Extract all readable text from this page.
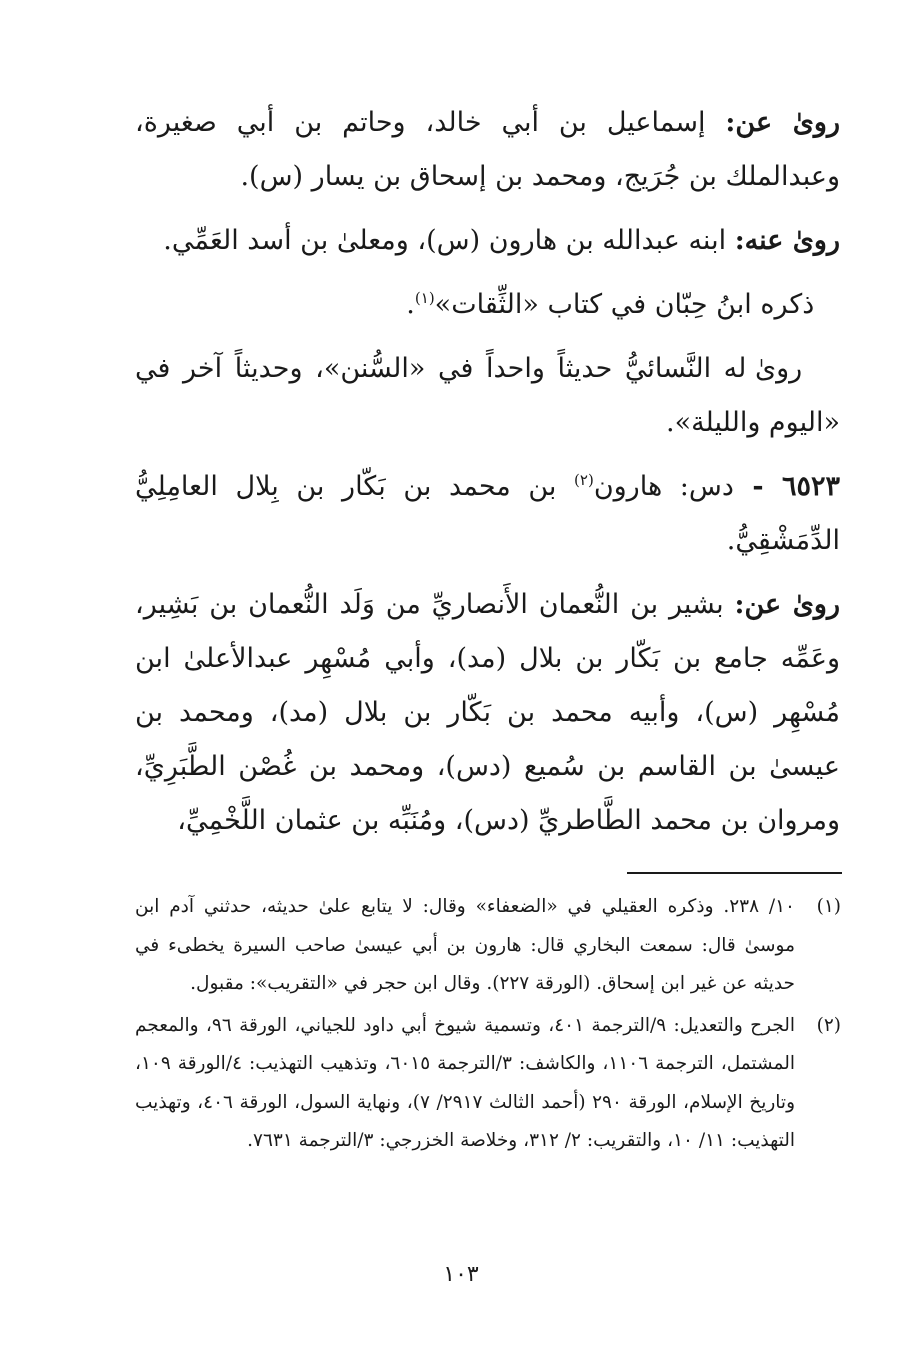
روىٰ عن: إسماعيل بن أبي خالد، وحاتم بن أبي صغيرة، وعبدالملك بن جُرَيج، ومحمد بن إسحاق بن يسار (س).

روىٰ عنه: ابنه عبدالله بن هارون (س)، ومعلىٰ بن أسد العَمِّي.

ذكره ابنُ حِبّان في كتاب «الثِّقات»$^{(١)}$.

روىٰ له النَّسائيُّ حديثاً واحداً في «السُّنن»، وحديثاً آخر في «اليوم والليلة».

٦٥٢٣ - دس: هارون$^{(٢)}$ بن محمد بن بَكّار بن بِلال العامِلِيُّ الدِّمَشْقِيُّ.

روىٰ عن: بشير بن النُّعمان الأَنصاريِّ من وَلَد النُّعمان بن بَشِير، وعَمِّه جامع بن بَكّار بن بلال (مد)، وأبي مُسْهِر عبدالأعلىٰ ابن مُسْهِر (س)، وأبيه محمد بن بَكّار بن بلال (مد)، ومحمد بن عيسىٰ بن القاسم بن سُميع (دس)، ومحمد بن غُصْن الطَّبَرِيِّ، ومروان بن محمد الطَّاطريِّ (دس)، ومُنَبِّه بن عثمان اللَّخْمِيِّ،

(١)
١٠/ ٢٣٨. وذكره العقيلي في «الضعفاء» وقال: لا يتابع علىٰ حديثه، حدثني آدم ابن موسىٰ قال: سمعت البخاري قال: هارون بن أبي عيسىٰ صاحب السيرة يخطىء في حديثه عن غير ابن إسحاق. (الورقة ٢٢٧). وقال ابن حجر في «التقريب»: مقبول.
(٢)
الجرح والتعديل: ٩/الترجمة ٤٠١، وتسمية شيوخ أبي داود للجياني، الورقة ٩٦، والمعجم المشتمل، الترجمة ١١٠٦، والكاشف: ٣/الترجمة ٦٠١٥، وتذهيب التهذيب: ٤/الورقة ١٠٩، وتاريخ الإسلام، الورقة ٢٩٠ (أحمد الثالث ٢٩١٧/ ٧)، ونهاية السول، الورقة ٤٠٦، وتهذيب التهذيب: ١١/ ١٠، والتقريب: ٢/ ٣١٢، وخلاصة الخزرجي: ٣/الترجمة ٧٦٣١.
١٠٣
